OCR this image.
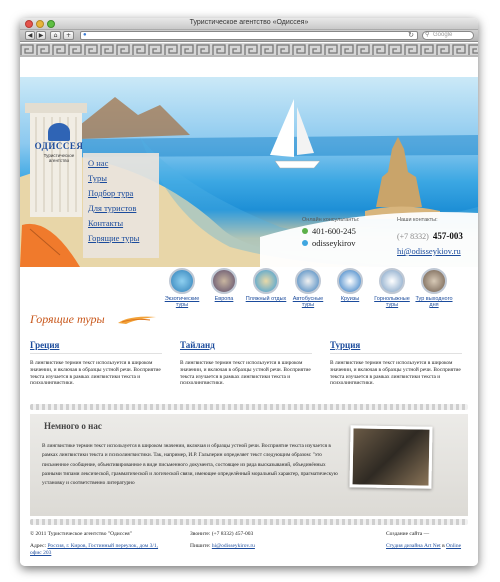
Туристическое агентство «Одиссея»
◀	▶	⌂	+	●	↻ ⚲ Google
ОДИССЕЯ
Туристическое агентство	О нас
Туры
Подбор тура
Для туристов
Контакты
Горящие туры
Онлайн консультанты:
401-600-245
odisseykirov
Наши контакты:
(+7 8332) 457-003
hi@odisseykiov.ru
Экзотические туры
Европа	Пляжный отдых	Автобусные туры
Круизы	Горнолыжные туры
Тур выходного дня
Горящие туры
Греция

В лингвистике термин текст используется в широком значении, и включая в образцы устной речи. Восприятие текста изучается в рамках лингвистики текста и психолингвистики.

Тайланд

В лингвистике термин текст используется в широком значении, и включая в образцы устной речи. Восприятие текста изучается в рамках лингвистики текста и психолингвистики.

Турция

В лингвистике термин текст используется в широком значении, и включая в образцы устной речи. Восприятие текста изучается в рамках лингвистики текста и психолингвистики.

Немного о нас

В лингвистике термин текст используется в широком значении, включая и образцы устной речи. Восприятие текста изучается в рамках лингвистики текста и психолингвистики. Так, например, И.Р. Гальперин определяет текст следующим образом: "это письменное сообщение, объективированное в виде письменного документа, состоящее из ряда высказываний, объединённых разными типами лексической, грамматической и логической связи, имеющее определённый моральный характер, прагматическую установку и соответственно литературно

© 2011 Туристическое агентство "Одиссея"
Адрес: Россия, г. Киров, Гостинный переулок, дом 3/1, офис 203
Звоните: (+7 8332) 457-003
Пишите: hi@odisseykirov.ru
Создание сайта —
Студия дизайна Art Net в Online
